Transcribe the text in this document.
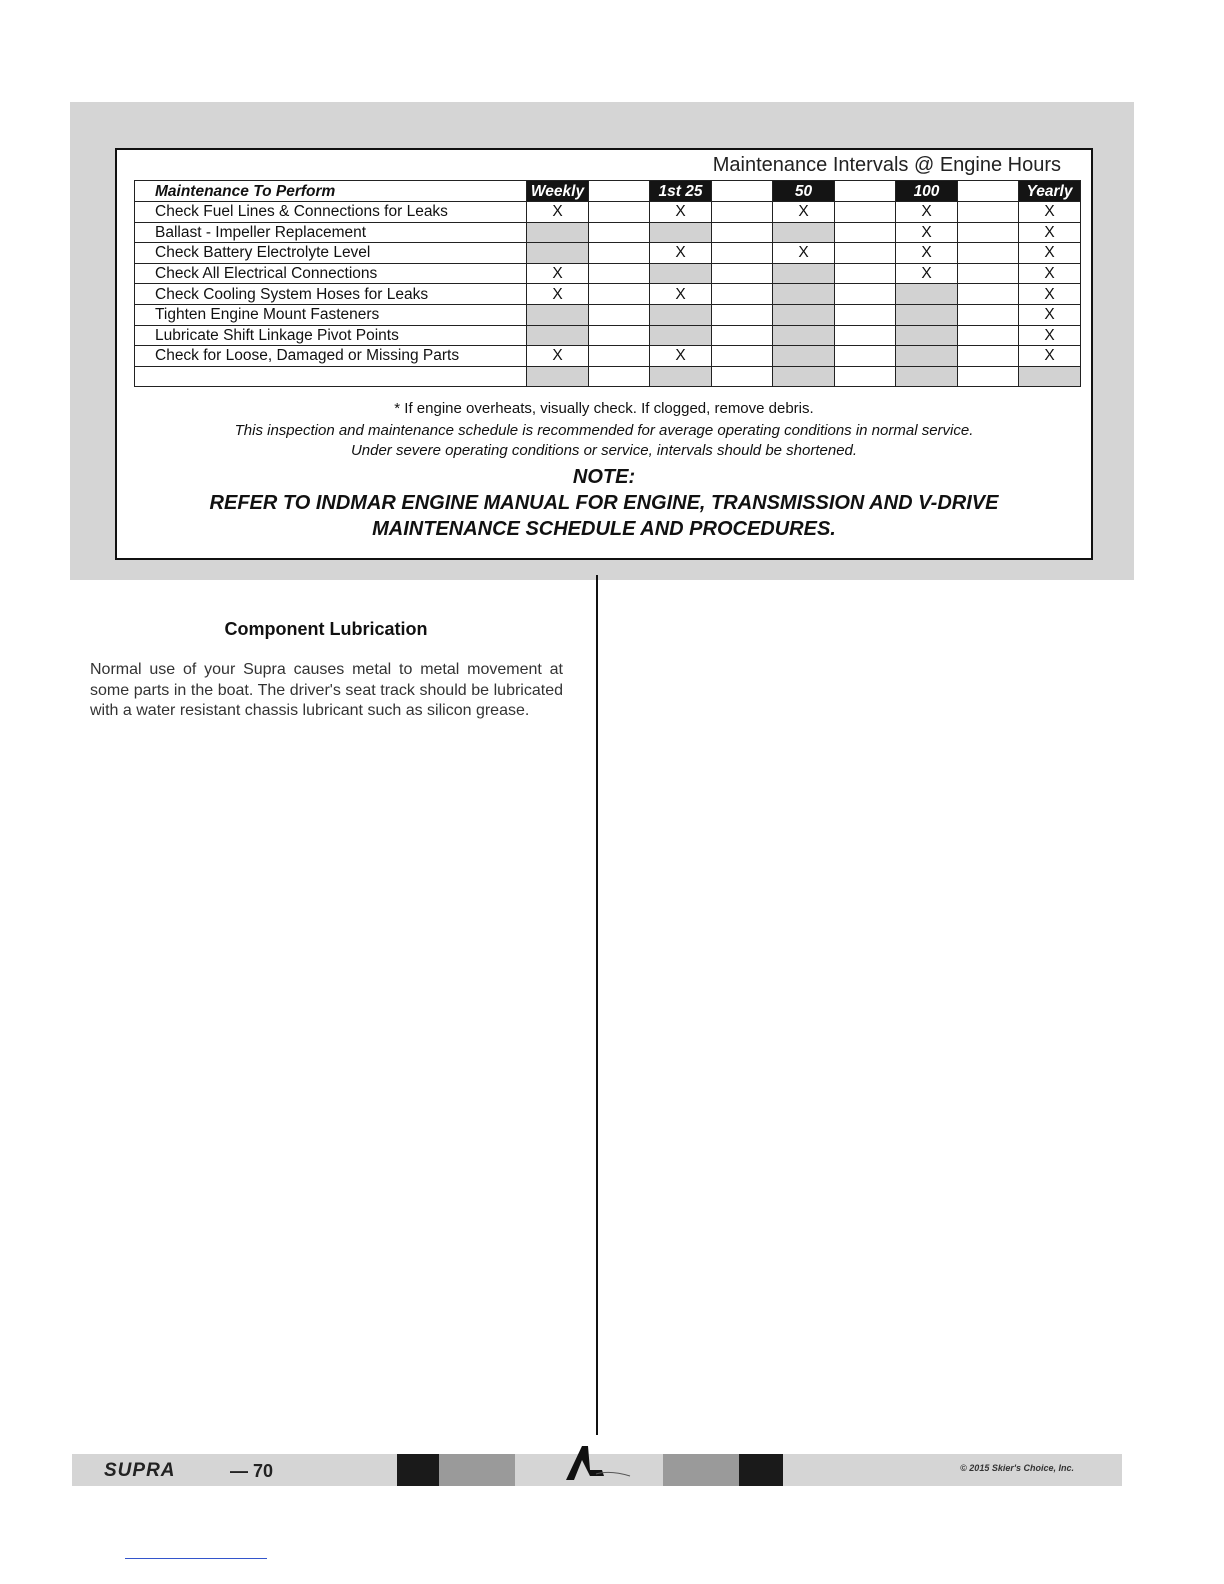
Maintenance Intervals @ Engine Hours
Maintenance To Perform	Weekly		1st 25		50		100		Yearly
Check Fuel Lines & Connections for Leaks	X		X		X		X		X
Ballast - Impeller Replacement							X		X
Check Battery Electrolyte Level			X		X		X		X
Check All Electrical Connections	X						X		X
Check Cooling System Hoses for Leaks	X		X						X
Tighten Engine Mount Fasteners									X
Lubricate Shift Linkage Pivot Points									X
Check for Loose, Damaged or Missing Parts	X		X						X

* If engine overheats, visually check. If clogged, remove debris.
This inspection and maintenance schedule is recommended for average operating conditions in normal service.
Under severe operating conditions or service, intervals should be shortened.
NOTE:
REFER TO INDMAR ENGINE MANUAL FOR ENGINE, TRANSMISSION AND V-DRIVE MAINTENANCE SCHEDULE AND PROCEDURES.
Component Lubrication
Normal use of your Supra causes metal to metal movement at some parts in the boat. The driver's seat track should be lubricated with a water resistant chassis lubricant such as silicon grease.
SUPRA	— 70	© 2015 Skier's Choice, Inc.
